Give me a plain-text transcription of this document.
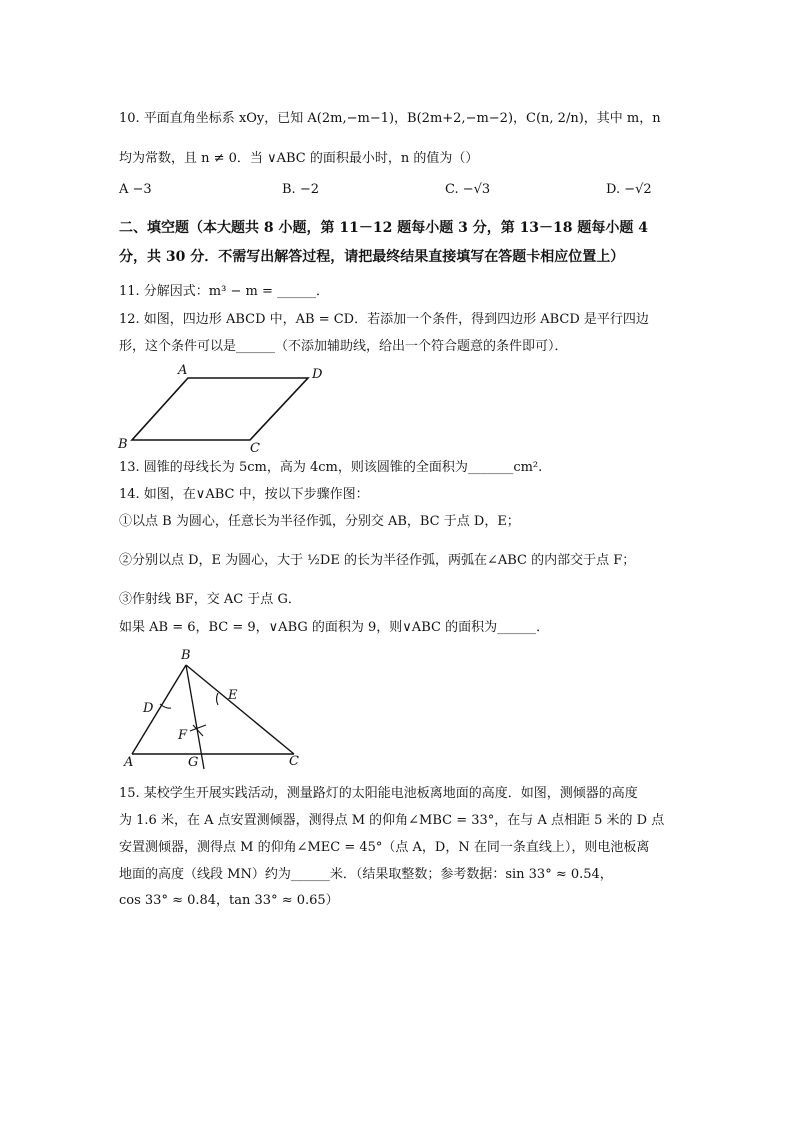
10. 平面直角坐标系 xOy，已知 A(2m,−m−1)，B(2m+2,−m−2)，C(n, 2/n)，其中 m，n
均为常数，且 n ≠ 0．当 ∨ABC 的面积最小时，n 的值为（）
A −3	B. −2	C. −√3	D. −√2
二、填空题（本大题共 8 小题，第 11－12 题每小题 3 分，第 13－18 题每小题 4
分，共 30 分．不需写出解答过程，请把最终结果直接填写在答题卡相应位置上）
11. 分解因式：m³ − m = ______．
12. 如图，四边形 ABCD 中，AB = CD．若添加一个条件，得到四边形 ABCD 是平行四边
形，这个条件可以是______（不添加辅助线，给出一个符合题意的条件即可）．
A	D
B	C
13. 圆锥的母线长为 5cm，高为 4cm，则该圆锥的全面积为_______cm².
14. 如图，在∨ABC 中，按以下步骤作图：
①以点 B 为圆心，任意长为半径作弧，分别交 AB，BC 于点 D，E；
②分别以点 D，E 为圆心，大于 ½DE 的长为半径作弧，两弧在∠ABC 的内部交于点 F；
③作射线 BF，交 AC 于点 G．
如果 AB = 6，BC = 9，∨ABG 的面积为 9，则∨ABC 的面积为______．
B
D
E
F
A	G	C
15. 某校学生开展实践活动，测量路灯的太阳能电池板离地面的高度．如图，测倾器的高度
为 1.6 米，在 A 点安置测倾器，测得点 M 的仰角∠MBC = 33°，在与 A 点相距 5 米的 D 点
安置测倾器，测得点 M 的仰角∠MEC = 45°（点 A，D，N 在同一条直线上），则电池板离
地面的高度（线段 MN）约为______米．（结果取整数；参考数据：sin 33° ≈ 0.54，
cos 33° ≈ 0.84，tan 33° ≈ 0.65）
